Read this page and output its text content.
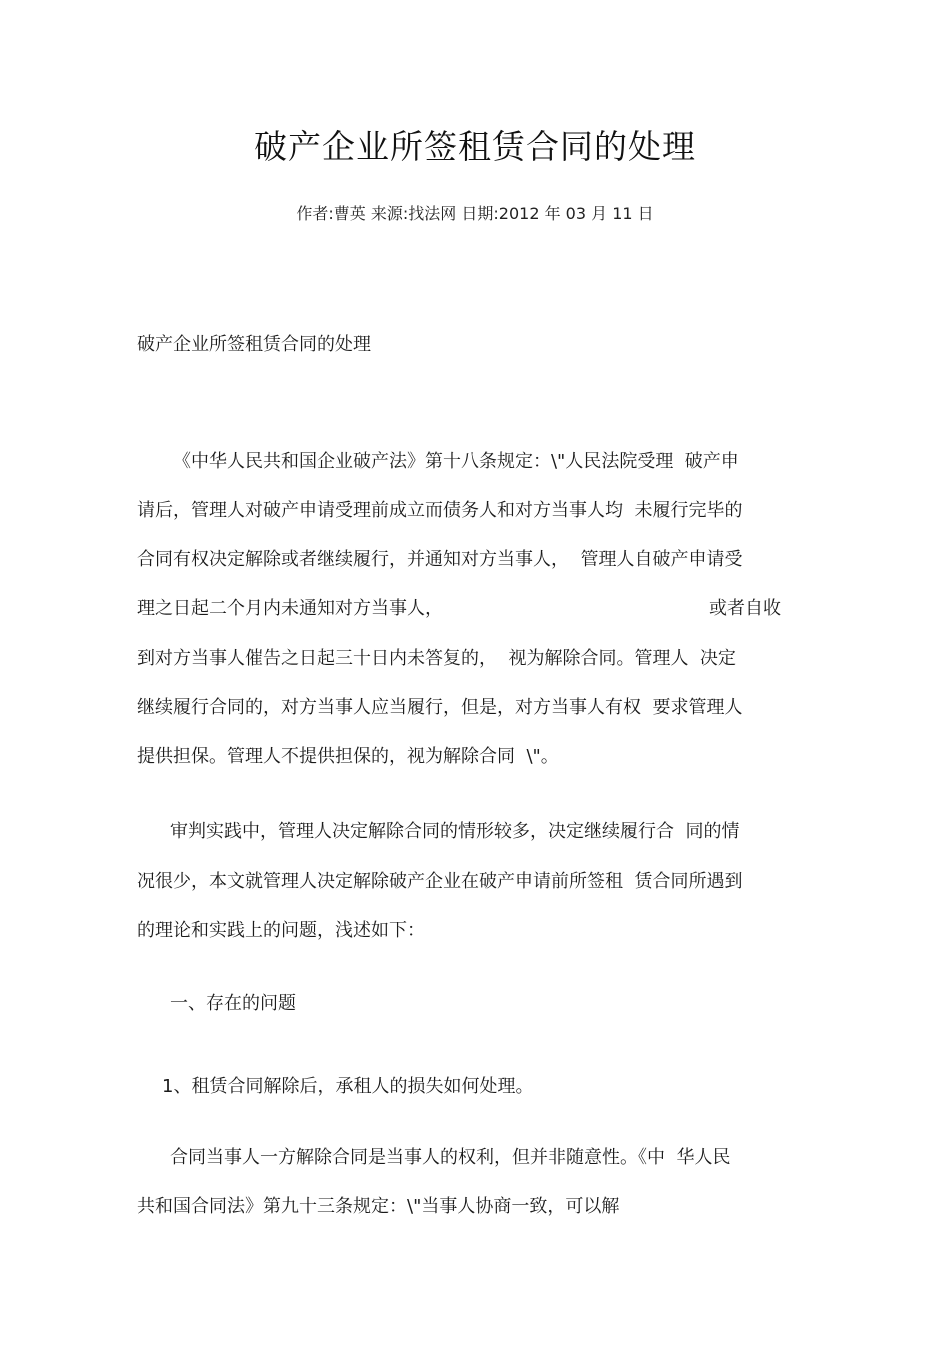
破产企业所签租赁合同的处理
作者:曹英 来源:找法网 日期:2012 年 03 月 11 日
破产企业所签租赁合同的处理
《中华人民共和国企业破产法》第十八条规定：\"人民法院受理  破产申
请后，管理人对破产申请受理前成立而债务人和对方当事人均  未履行完毕的
合同有权决定解除或者继续履行，并通知对方当事人，  管理人自破产申请受
理之日起二个月内未通知对方当事人，	或者自收
到对方当事人催告之日起三十日内未答复的，  视为解除合同。管理人  决定
继续履行合同的，对方当事人应当履行，但是，对方当事人有权  要求管理人
提供担保。管理人不提供担保的，视为解除合同  \"。
审判实践中，管理人决定解除合同的情形较多，决定继续履行合  同的情
况很少，本文就管理人决定解除破产企业在破产申请前所签租  赁合同所遇到
的理论和实践上的问题，浅述如下：
一、存在的问题
1、租赁合同解除后，承租人的损失如何处理。
合同当事人一方解除合同是当事人的权利，但并非随意性。《中  华人民
共和国合同法》第九十三条规定：\"当事人协商一致，可以解
